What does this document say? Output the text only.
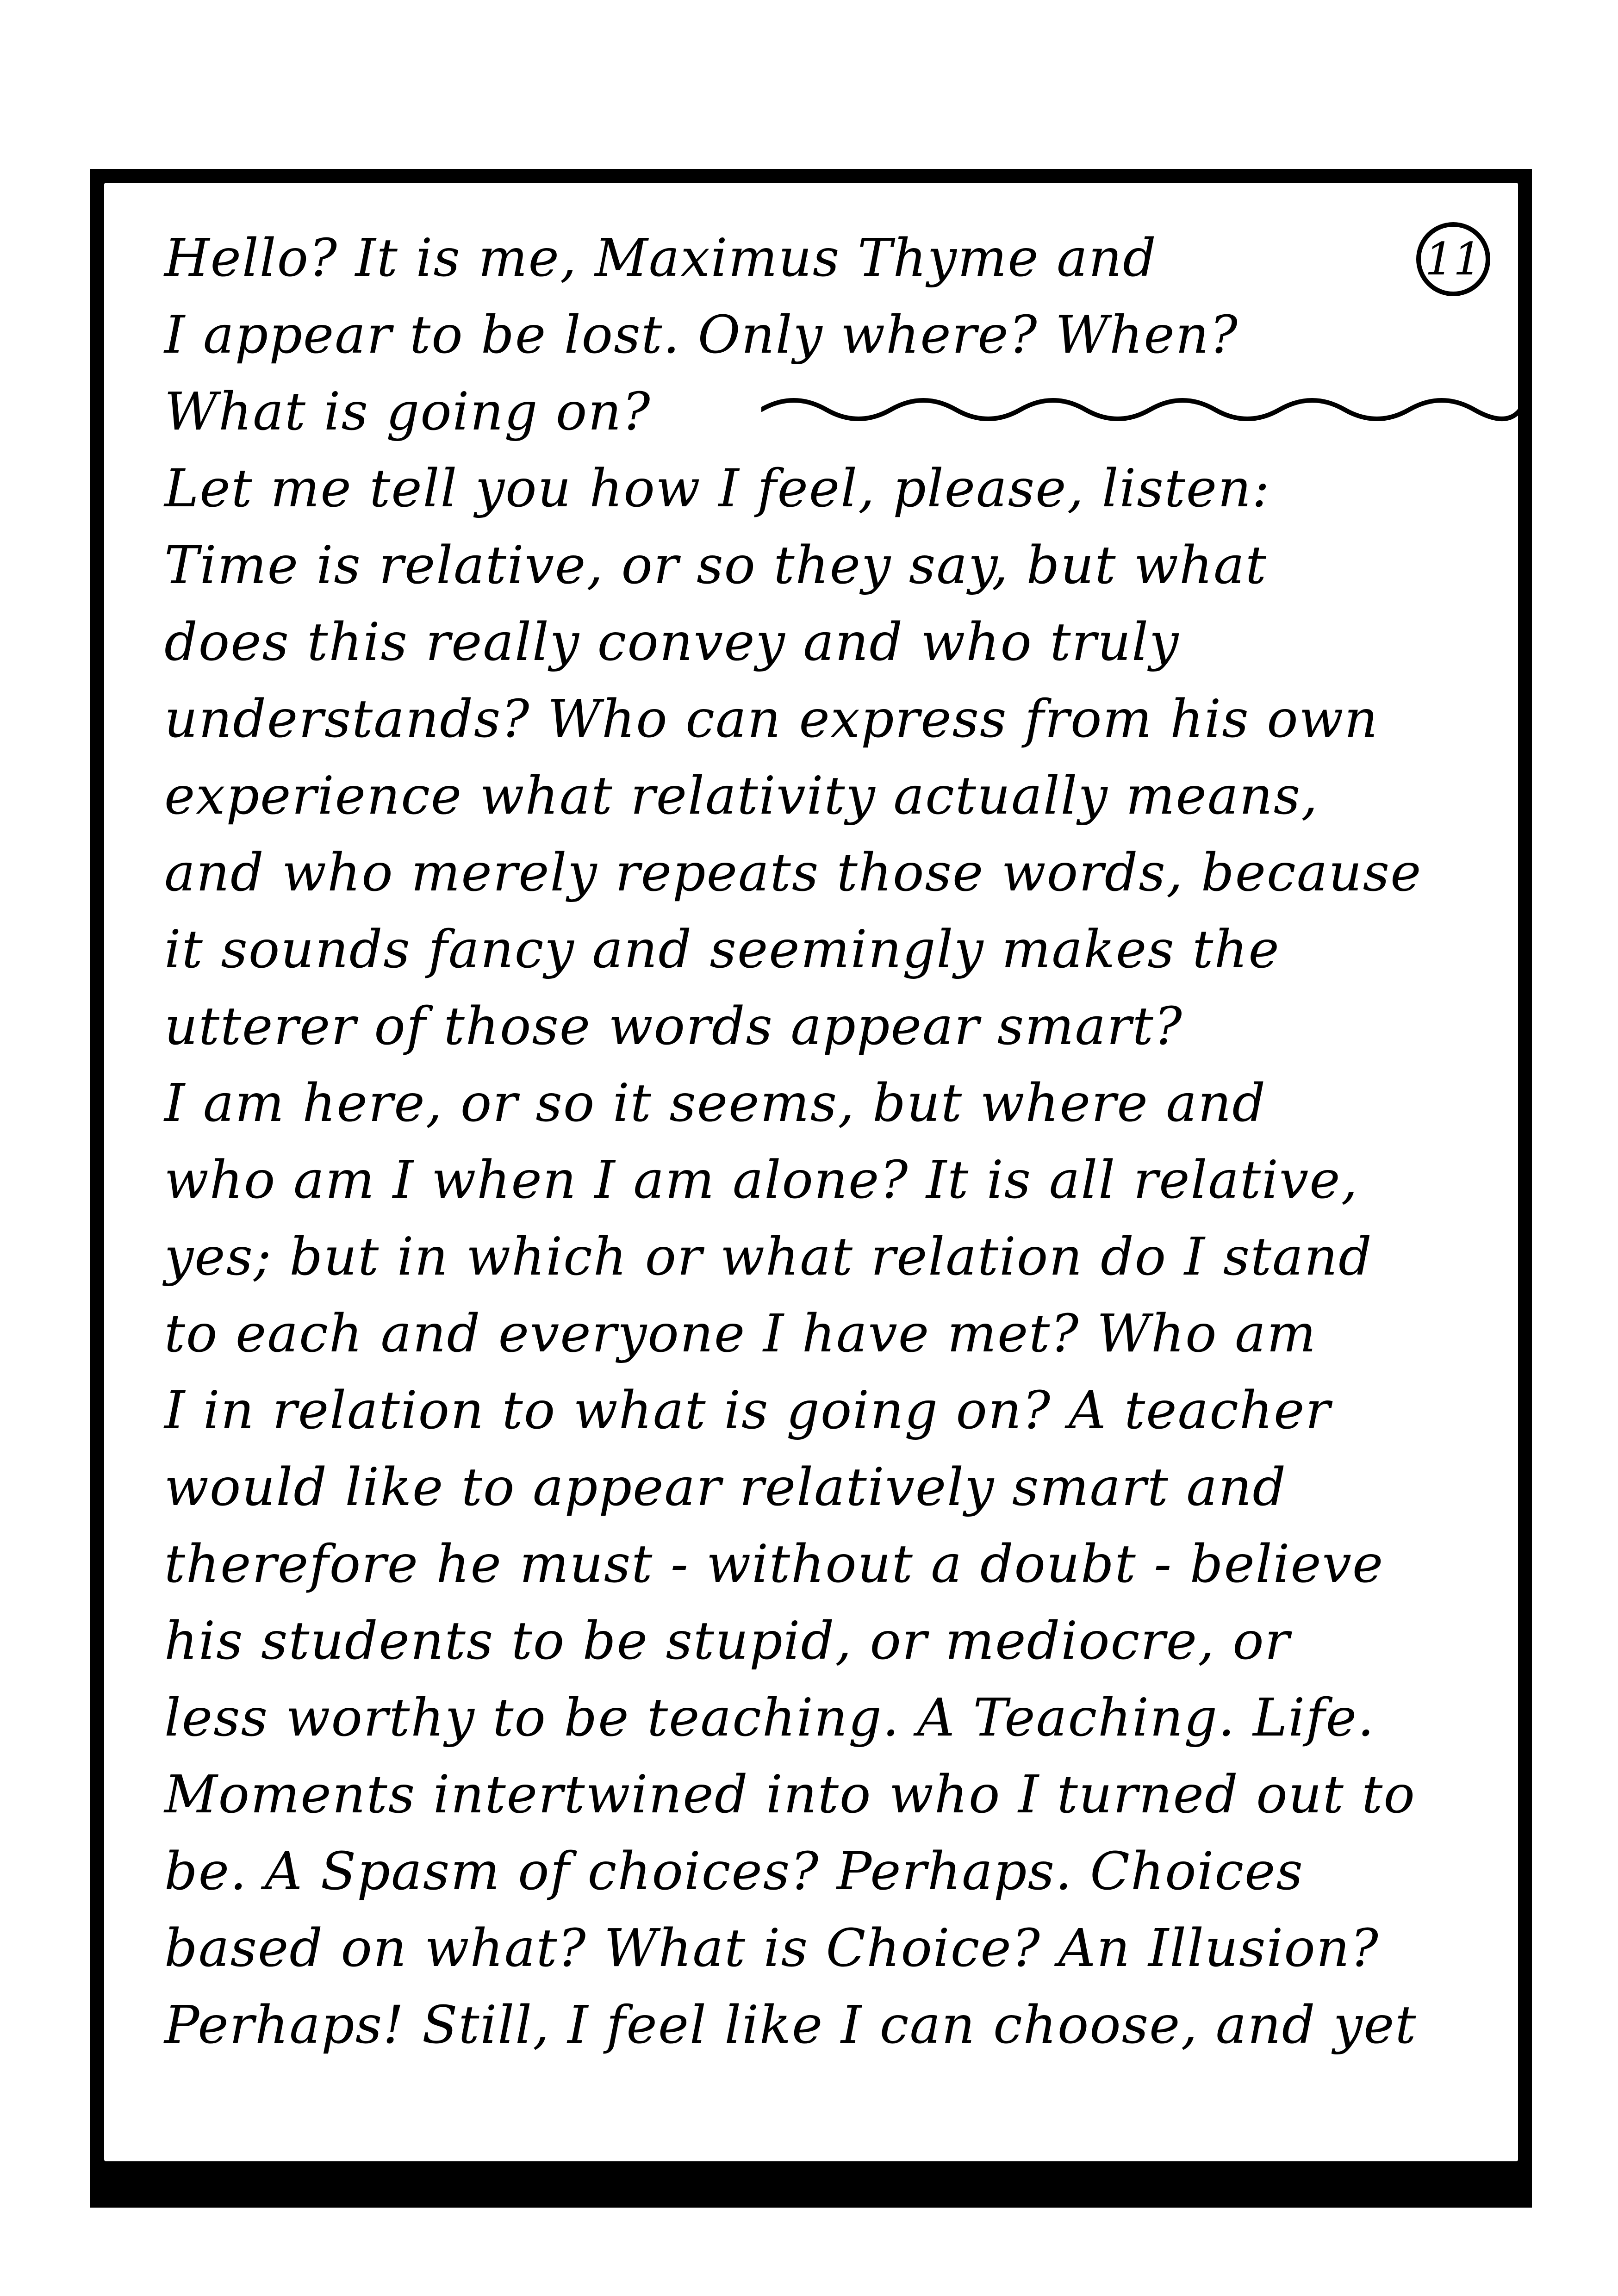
11
Hello? It is me, Maximus Thyme and
I appear to be lost. Only where? When?
What is going on?
Let me tell you how I feel, please, listen:
Time is relative, or so they say, but what
does this really convey and who truly
understands? Who can express from his own
experience what relativity actually means,
and who merely repeats those words, because
it sounds fancy and seemingly makes the
utterer of those words appear smart?
I am here, or so it seems, but where and
who am I when I am alone? It is all relative,
yes; but in which or what relation do I stand
to each and everyone I have met? Who am
I in relation to what is going on? A teacher
would like to appear relatively smart and
therefore he must - without a doubt - believe
his students to be stupid, or mediocre, or
less worthy to be teaching. A Teaching. Life.
Moments intertwined into who I turned out to
be. A Spasm of choices? Perhaps. Choices
based on what? What is Choice? An Illusion?
Perhaps! Still, I feel like I can choose, and yet
